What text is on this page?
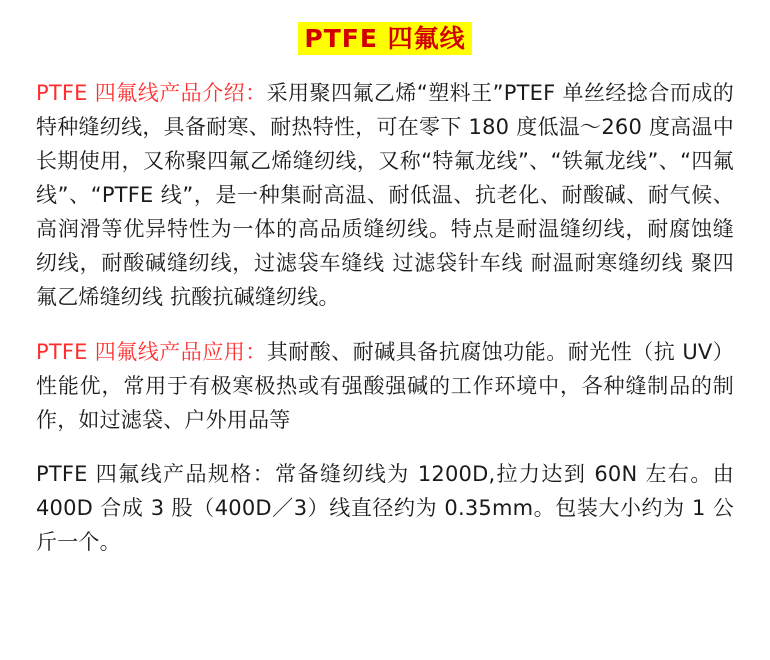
PTFE 四氟线

PTFE 四氟线产品介绍：采用聚四氟乙烯“塑料王”PTEF 单丝经捻合而成的特种缝纫线，具备耐寒、耐热特性，可在零下 180 度低温～260 度高温中长期使用，又称聚四氟乙烯缝纫线，又称“特氟龙线”、“铁氟龙线”、“四氟线”、“PTFE 线”，是一种集耐高温、耐低温、抗老化、耐酸碱、耐气候、高润滑等优异特性为一体的高品质缝纫线。特点是耐温缝纫线，耐腐蚀缝纫线，耐酸碱缝纫线，过滤袋车缝线 过滤袋针车线 耐温耐寒缝纫线 聚四氟乙烯缝纫线 抗酸抗碱缝纫线。

PTFE 四氟线产品应用：其耐酸、耐碱具备抗腐蚀功能。耐光性（抗 UV）性能优，常用于有极寒极热或有强酸强碱的工作环境中，各种缝制品的制作，如过滤袋、户外用品等

PTFE 四氟线产品规格：常备缝纫线为 1200D,拉力达到 60N 左右。由 400D 合成 3 股（400D／3）线直径约为 0.35mm。包装大小约为 1 公斤一个。
